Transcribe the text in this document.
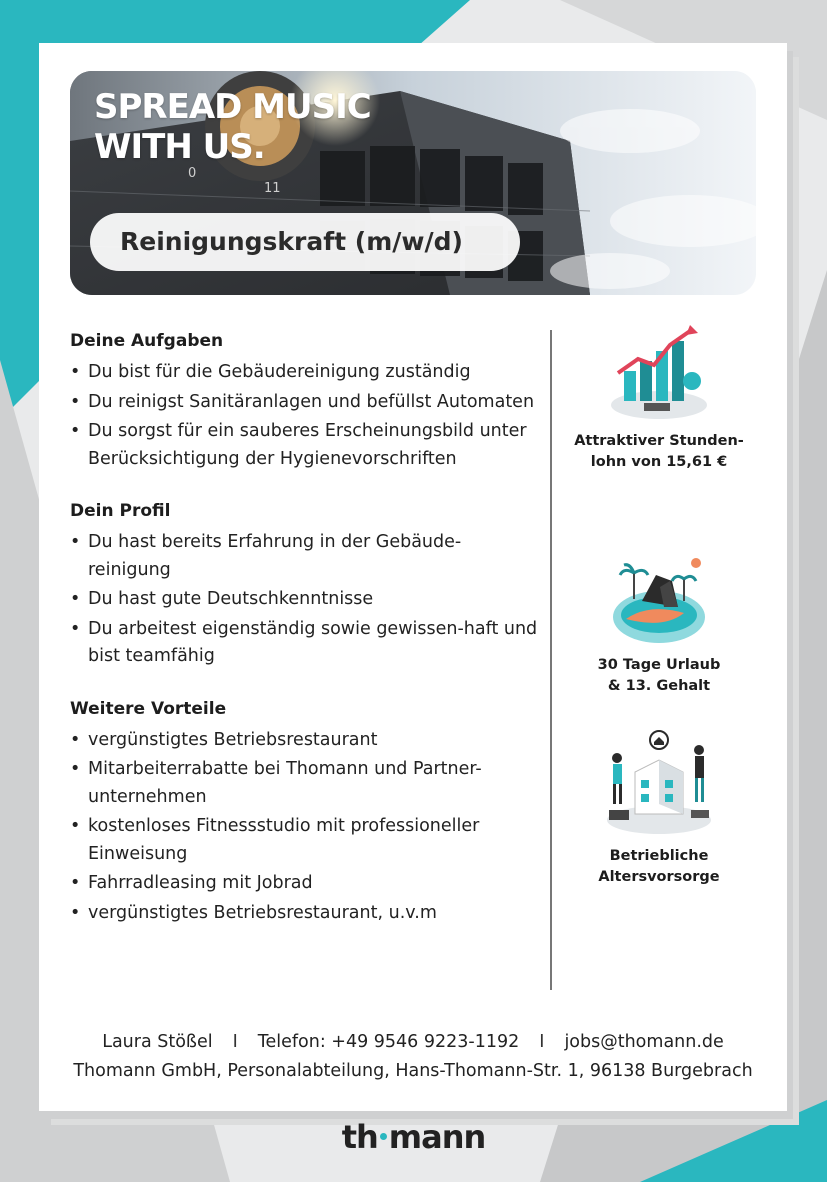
0
11
SPREAD MUSIC
WITH US.

Reinigungskraft (m/w/d)

Deine Aufgaben
• Du bist für die Gebäudereinigung zuständig
• Du reinigst Sanitäranlagen und befüllst Automaten
• Du sorgst für ein sauberes Erscheinungsbild unter Berücksichtigung der Hygienevorschriften
Dein Profil
• Du hast bereits Erfahrung in der Gebäude-reinigung
• Du hast gute Deutschkenntnisse
• Du arbeitest eigenständig sowie gewissen-haft und bist teamfähig
Weitere Vorteile
• vergünstigtes Betriebsrestaurant
• Mitarbeiterrabatte bei Thomann und Partner-unternehmen
• kostenloses Fitnessstudio mit professioneller Einweisung
• Fahrradleasing mit Jobrad
• vergünstigtes Betriebsrestaurant, u.v.m

Attraktiver Stunden-
lohn von 15,61 €

30 Tage Urlaub
& 13. Gehalt

Betriebliche
Altersvorsorge

Laura Stößel I Telefon: +49 9546 9223-1192 I jobs@thomann.de
Thomann GmbH, Personalabteilung, Hans-Thomann-Str. 1, 96138 Burgebrach
th mann
